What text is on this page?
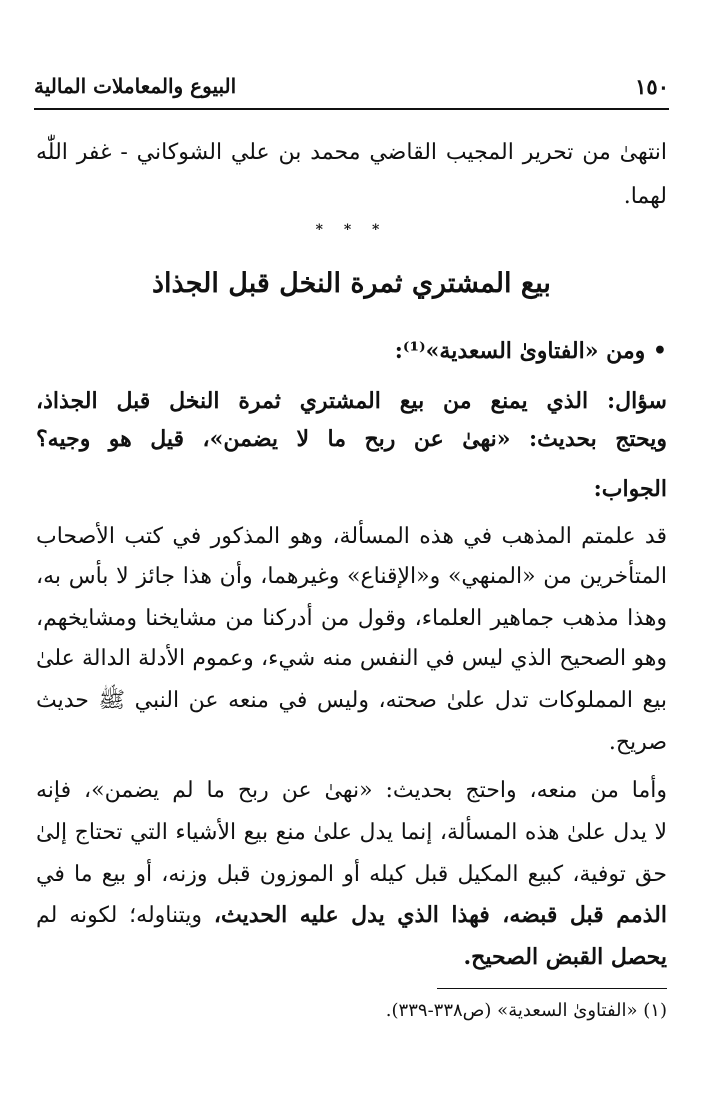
١٥٠
البيوع والمعاملات المالية
انتهىٰ من تحرير المجيب القاضي محمد بن علي الشوكاني - غفر اللّٰه
لهما.
* * *
بيع المشتري ثمرة النخل قبل الجذاذ
• ومن «الفتاوىٰ السعدية»⁽¹⁾:
سؤال: الذي يمنع من بيع المشتري ثمرة النخل قبل الجذاذ،
ويحتج بحديث: «نهىٰ عن ربح ما لا يضمن»، قيل هو وجيه؟
الجواب:
قد علمتم المذهب في هذه المسألة، وهو المذكور في كتب الأصحاب
المتأخرين من «المنهي» و«الإقناع» وغيرهما، وأن هذا جائز لا بأس به،
وهذا مذهب جماهير العلماء، وقول من أدركنا من مشايخنا ومشايخهم،
وهو الصحيح الذي ليس في النفس منه شيء، وعموم الأدلة الدالة علىٰ
بيع المملوكات تدل علىٰ صحته، وليس في منعه عن النبي ﷺ حديث
صريح.
وأما من منعه، واحتج بحديث: «نهىٰ عن ربح ما لم يضمن»، فإنه
لا يدل علىٰ هذه المسألة، إنما يدل علىٰ منع بيع الأشياء التي تحتاج إلىٰ
حق توفية، كبيع المكيل قبل كيله أو الموزون قبل وزنه، أو بيع ما في
الذمم قبل قبضه، فهذا الذي يدل عليه الحديث، ويتناوله؛ لكونه لم
يحصل القبض الصحيح.
(١) «الفتاوىٰ السعدية» (ص٣٣٨-٣٣٩).
